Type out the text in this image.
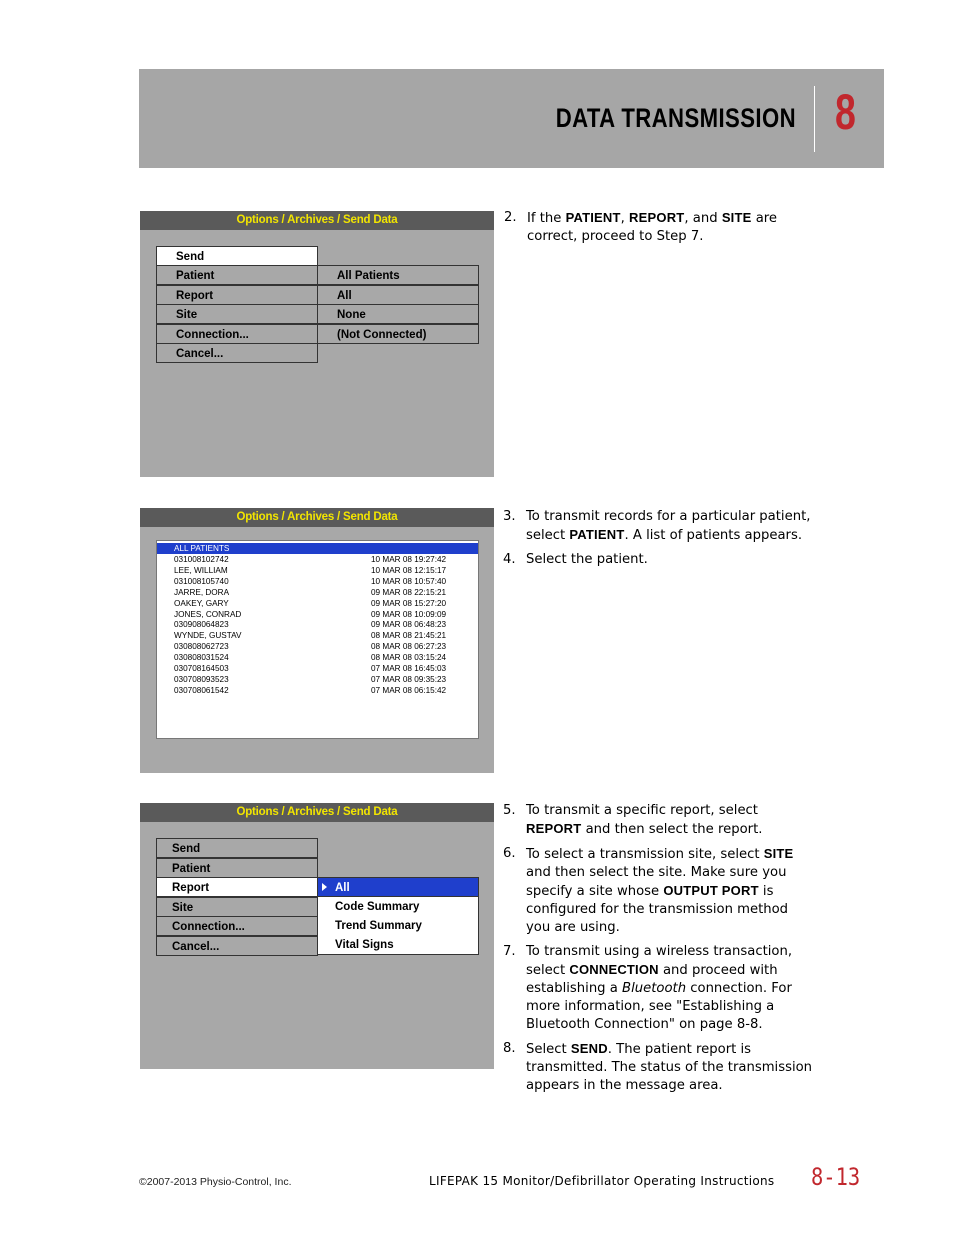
DATA TRANSMISSION 8
Options / Archives / Send Data
Send
Patient	All Patients
Report	All
Site	None
Connection...	(Not Connected)
Cancel...
Options / Archives / Send Data
ALL PATIENTS
031008102742	10 MAR 08 19:27:42
LEE, WILLIAM	10 MAR 08 12:15:17
031008105740	10 MAR 08 10:57:40
JARRE, DORA	09 MAR 08 22:15:21
OAKEY, GARY	09 MAR 08 15:27:20
JONES, CONRAD	09 MAR 08 10:09:09
030908064823	09 MAR 08 06:48:23
WYNDE, GUSTAV	08 MAR 08 21:45:21
030808062723	08 MAR 08 06:27:23
030808031524	08 MAR 08 03:15:24
030708164503	07 MAR 08 16:45:03
030708093523	07 MAR 08 09:35:23
030708061542	07 MAR 08 06:15:42
Options / Archives / Send Data
Send
Patient
Report
Site
Connection...
Cancel...
All
Code Summary
Trend Summary
Vital Signs
2. If the PATIENT, REPORT, and SITE are correct, proceed to Step 7.
3. To transmit records for a particular patient, select PATIENT. A list of patients appears.
4. Select the patient.
5. To transmit a specific report, select REPORT and then select the report.
6. To select a transmission site, select SITE and then select the site. Make sure you specify a site whose OUTPUT PORT is configured for the transmission method you are using.
7. To transmit using a wireless transaction, select CONNECTION and proceed with establishing a Bluetooth connection. For more information, see "Establishing a Bluetooth Connection" on page 8-8.
8. Select SEND. The patient report is transmitted. The status of the transmission appears in the message area.
©2007-2013 Physio-Control, Inc.	LIFEPAK 15 Monitor/Defibrillator Operating Instructions 8-13
